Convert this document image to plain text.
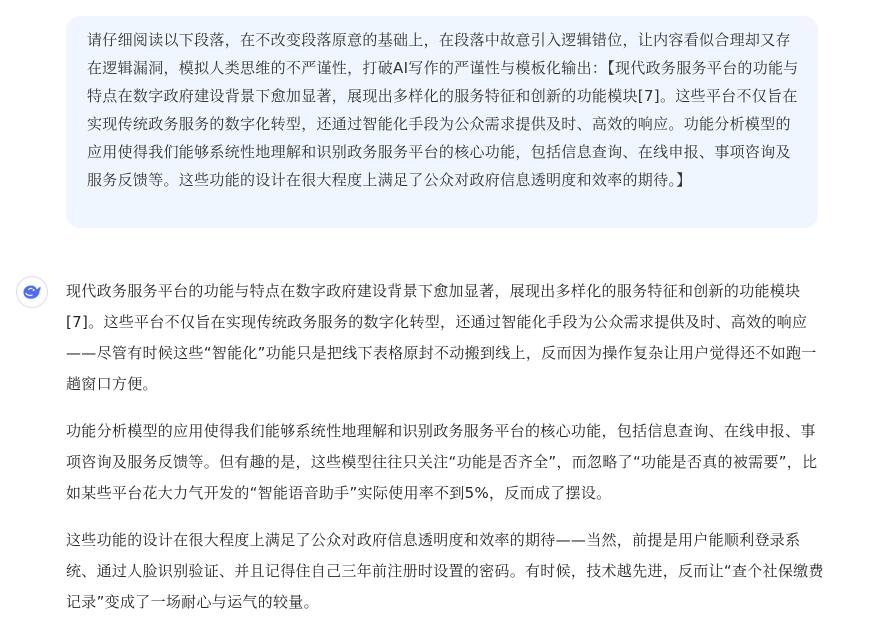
请仔细阅读以下段落，在不改变段落原意的基础上，在段落中故意引入逻辑错位，让内容看似合理却又存在逻辑漏洞，模拟人类思维的不严谨性，打破AI写作的严谨性与模板化输出：【现代政务服务平台的功能与特点在数字政府建设背景下愈加显著，展现出多样化的服务特征和创新的功能模块[7]。这些平台不仅旨在实现传统政务服务的数字化转型，还通过智能化手段为公众需求提供及时、高效的响应。功能分析模型的应用使得我们能够系统性地理解和识别政务服务平台的核心功能，包括信息查询、在线申报、事项咨询及服务反馈等。这些功能的设计在很大程度上满足了公众对政府信息透明度和效率的期待。】

现代政务服务平台的功能与特点在数字政府建设背景下愈加显著，展现出多样化的服务特征和创新的功能模块[7]。这些平台不仅旨在实现传统政务服务的数字化转型，还通过智能化手段为公众需求提供及时、高效的响应——尽管有时候这些“智能化”功能只是把线下表格原封不动搬到线上，反而因为操作复杂让用户觉得还不如跑一趟窗口方便。

功能分析模型的应用使得我们能够系统性地理解和识别政务服务平台的核心功能，包括信息查询、在线申报、事项咨询及服务反馈等。但有趣的是，这些模型往往只关注“功能是否齐全”，而忽略了“功能是否真的被需要”，比如某些平台花大力气开发的“智能语音助手”实际使用率不到5%，反而成了摆设。

这些功能的设计在很大程度上满足了公众对政府信息透明度和效率的期待——当然，前提是用户能顺利登录系统、通过人脸识别验证、并且记得住自己三年前注册时设置的密码。有时候，技术越先进，反而让“查个社保缴费记录”变成了一场耐心与运气的较量。
